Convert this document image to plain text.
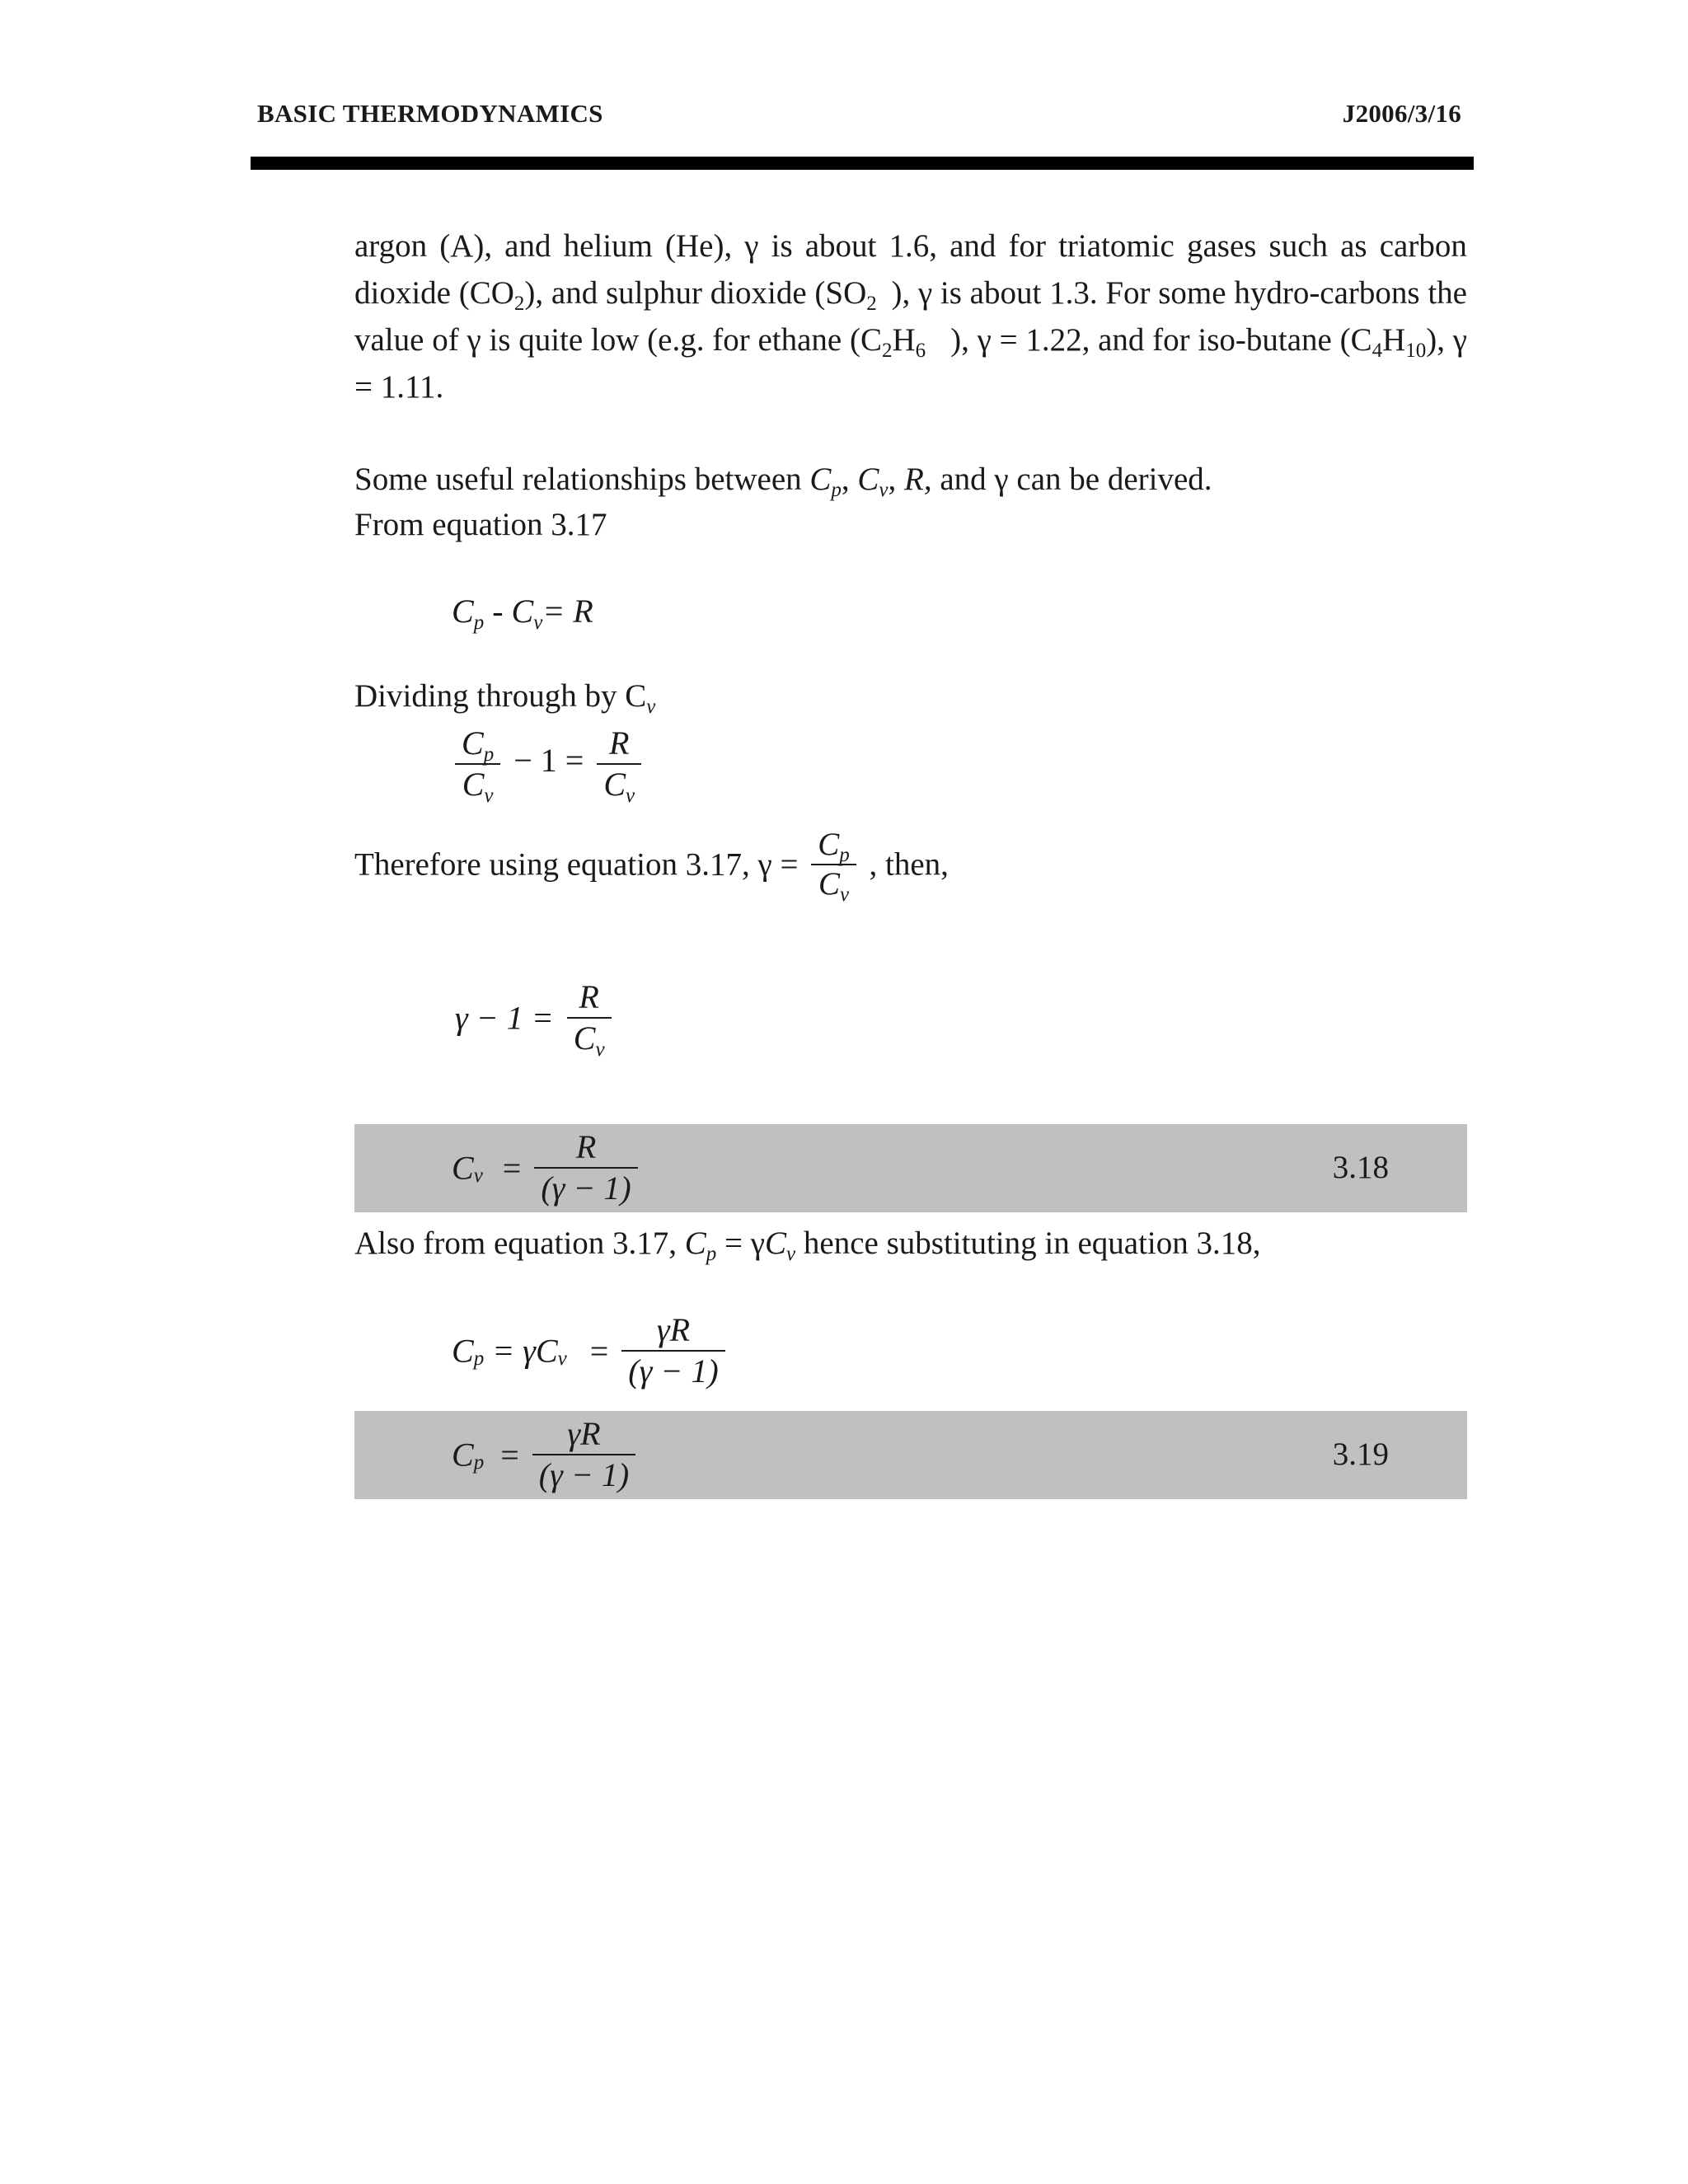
BASIC THERMODYNAMICS	J2006/3/16
argon (A), and helium (He), γ is about 1.6, and for triatomic gases such as carbon
dioxide $(CO_2)$, and sulphur dioxide ($SO_2$ ), γ is about 1.3. For some hydro-carbons the
value of γ is quite low (e.g. for ethane ($C_2H_6$ ), γ = 1.22, and for iso-butane $(C_4H_{10})$, γ
= 1.11.
Some useful relationships between $C_p$, $C_v$, R, and γ can be derived.
From equation 3.17
$C_p - C_v= R$
Dividing through by $C_v$
$\frac{C_p}{C_v} - 1 = \frac{R}{C_v}$
Therefore using equation 3.17, $\gamma = \frac{C_p}{C_v}$ , then,
$\gamma - 1 = \frac{R}{C_v}$
$C_v = \frac{R}{(\gamma - 1)}$	3.18
Also from equation 3.17, $C_p = \gamma C_v$ hence substituting in equation 3.18,
$C_p = \gamma C_v = \frac{\gamma R}{(\gamma - 1)}$
$C_p = \frac{\gamma R}{(\gamma - 1)}$	3.19
